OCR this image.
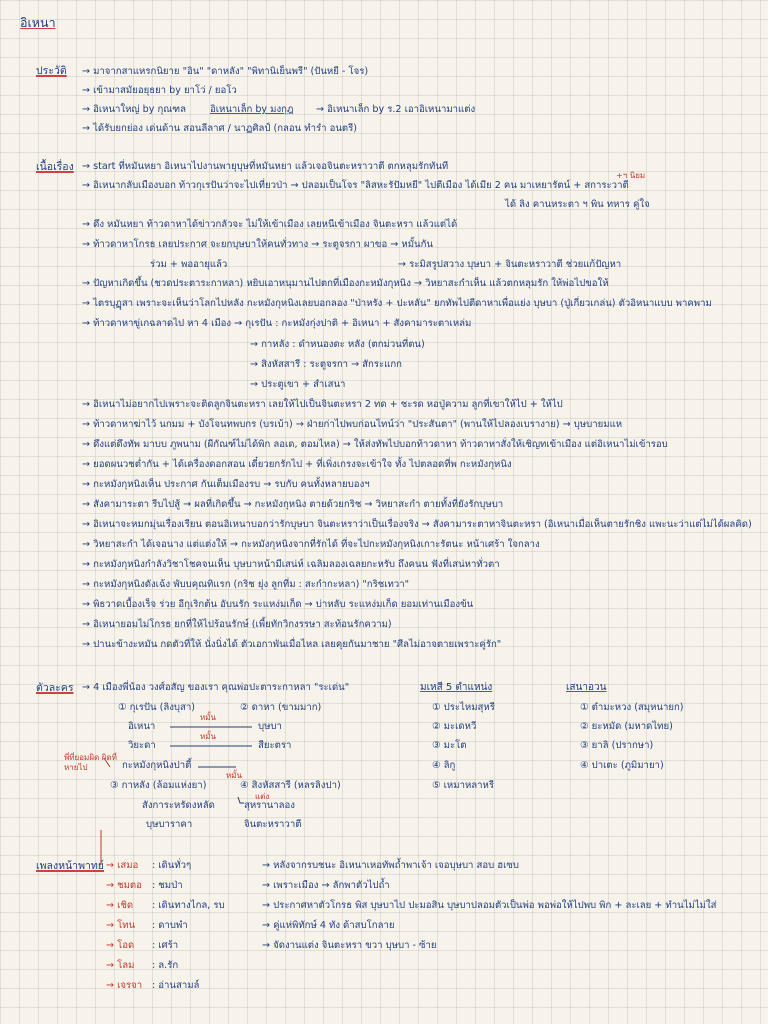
อิเหนา
ประวัติ → มาจากสาแหรกนิยาย "อิน" "ดาหลัง" "พิทานิเย็นพรี" (ปันหยี - โจร)
→ เข้ามาสมัยอยุธยา by ยาโว่ / ยอโว
→ อิเหนาใหญ่ by กุณฑล	อิเหนาเล็ก by มงกุฎ → อิเหนาเล็ก by ร.2 เอาอิเหนามาแต่ง
→ ได้รับยกย่อง เด่นด้าน สอนลีลาศ / นาฏศิลป์ (กลอน ทำรำ อนตรี)
เนื้อเรื่อง → start ที่หมันหยา อิเหนาไปงานพายุบุษที่หมันหยา แล้วเจอจินตะหราวาตี ตกหลุมรักทันที
→ อิเหนากลับเมืองบอก ท้าวกุเรปันว่าจะไปเที่ยวป่า → ปลอมเป็นโจร "ลิสหะรัปัมหยี" ไปตีเมือง ได้เมีย 2 คน มาเหยารัตน์ + สการะวาตี
+ฯ นิยม
ได้ ลิง คานหระตา ฯ พิน ทหาร คู่ใจ
→ ดึง หมันหยา ท้าวดาหาได้ข่าวกลัวจะ ไม่ให้เข้าเมือง เลยหนีเข้าเมือง จินตะหรา แล้วแต่ได้
→ ท้าวดาหาโกรธ เลยประกาศ จะยกบุษบาให้คนทั่วทาง → ระตูจรกา ผาขอ → หมั้นกัน
ร่วม + พออายุแล้ว	→ ระมิสรูปสวาง บุษบา + จินตะหราวาตี ช่วยแก้ปัญหา
→ ปัญหาเกิดขึ้น (ชวดประตาระกาหลา) หยิบเอาหนุมานไปตกที่เมืองกะหมังกุหนิง → วิหยาสะกำเห็น แล้วตกหลุมรัก ให้พ่อไปขอให้
→ ไตรบุฏุสา เพราะจะเห็นว่าโลกไปหลัง กะหมังกุหนิงเลยบอกลอง "ป่าหรัง + ปะหลัน" ยกทัพไปตีดาหาเพื่อแย่ง บุษบา (ปู่เกี่ยวเกล่น) ตัวอิหนาแบบ พาคพาม
→ ท้าวดาหาขู่เกฉลาดไป หา 4 เมือง → กุเรปัน : กะหมังกุ่งปาติ + อิเหนา + สังคามาระตาเหล่ม
→ กาหลัง : ดำหนองดะ หลัง (ตกม่วนที่ตน)
→ สิงหัสสารี : ระตูจรกา → สักระแกก
→ ประตูเขา + สำเสนา
→ อิเหนาไม่อยากไปเพราะจะติดลูกจินตะหรา เลยให้ไปเป็นจินตะหรา 2 ทด + ชะรด หอปู่ความ ลูกที่เขาให้ไป + ให้ไป
→ ท้าวดาหาฆ่าไว้ นกมม + บังโจนทพบกร (บรเบ้า) → ฝ่ายก่าไปพบก่อนไทน์ว่า "ประสันตา" (พานให้ไปลองเบรางาย) → บุษบายมแห
→ ดึงแต่ดึงทัพ มาบบ ภูพนาม (ผีกัณฑ์ไม่ได้พิก ลอเด, ตอมไหล) → ให้ส่งทัพไปบอกท้าวดาหา ท้าวดาหาสั่งให้เชิญทเข้าเมือง แต่อิเหนาไม่เข้ารอบ
→ ยอดผนวชต่ำกัน + ได้เครื่องดอกสอน เดี๋ยวยกรักไป + ที่เพิ่งเกรงจะเข้าใจ ทั้ง ไปตลอดที่พ กะหมังกุหนิง
→ กะหมังกุหนิงเห็น ประกาศ กันเต็มเมืองรบ → รบกับ คนทั้งหลายบองฯ
→ สังคามาระตา รีบไปสู้ → ผลที่เกิดขึ้น → กะหมังกุหนิง ตายด้วยกริช → วิหยาสะกำ ตายทั้งที่ยังรักบุษบา
→ อิเหนาจะหมกมุ่นเรื่องเรียน ตอนอิเหนาบอกว่ารักบุษบา จินตะหราว่าเป็นเรื่องจริง → สังคามาระตาหาจินตะหรา (อิเหนาเมื่อเห็นตายรักชิง แพะนะว่าแต่ไม่ได้ผลคิด)
→ วิหยาสะกำ ได้เจอนาง แต่แต่งให้ → กะหมังกุหนิงจากที่รักได้ ที่จะไปกะหมังกุหนิงเกาะรัตนะ หน้าเศร้า ใจกลาง
→ กะหมังกุหนิงกำลังวิชาโชคจนเห็น บุษบาหน้ามีเสน่ห์ เฉลิมลองเฉลยกะหรับ ถึงคนน ฟังที่เสน่หาทั่วตา
→ กะหมังกุหนิงดังเฉ้ง พับบคุณทิแรก (กริช ยุ่ง ลูกที่ม : สะกำกะหลา) "กริชเทวา"
→ พิธวาดเบื้องเร็จ ร่วย อีกุเริกต้น อับนรัก ระแหง่มเก็ด → บ่าหลับ ระแหง่มเก็ด ยอมเท่านเมืองข้น
→ อิเหนายอมไม่โกรธ ยกที่ให้ไปร้อนรักษ์ (เพี้ยทักวิกงรรษา สะท้อนรักความ)
→ ปานะข้างะหมัน กดตัวที่ให้ นั่งนิ่งได้ ตัวเอกาพันเมื่อไหล เลยคุยกันมาชาย "ศีลไม่อาจตายเพราะคู่รัก"
ตัวละคร → 4 เมืองพี่น้อง วงศ์อสัญ ของเรา คุณพ่อปะตาระกาหลา "ระเด่น"
① กุเรปัน (ลิงบุสา)
อิเหนา
วิยะดา
กะหมังกุหนิงปาตี้
③ กาหลัง (ล้อมแห่งยา)
สังการะหรัดงหลัด
บุษบาราคา
② ดาหา (ขามมาก)
บุษบา
สียะตรา
④ สิงหัสสารี (หลรลิงปา)
สุหรานาลอง
จินตะหราวาตี
หมั้น
หมั้น
หมั้น
แต่ง
พี่ที่ยอมผิด ผิดที่หายไป
มเหสี 5 ตำแหน่ง
① ประไหมสุหรี
② มะเดหวี
③ มะโต
④ ลิกู
⑤ เหมาหลาหรี
เสนาอวน
① ตำมะหวง (สมุหนายก)
② ยะหมัด (มหาดไทย)
③ ยาลิ (ปรากษา)
④ ปาเตะ (ภูมิมายา)
เพลงหน้าพาทย์ → เสมอ : เดินทั่วๆ
→ ชมตอ : ชมป่า
→ เชิด : เดินทางไกล, รบ
→ โทน : ดาบพำ
→ โอด : เศร้า
→ โลม : ล.รัก
→ เจรจา : อ่านสามล์
→ หลังจากรบชนะ อิเหนาเหอทัพถ้ำพาเจ้า เจอบุษบา สอบ ฮเซบ
→ เพราะเมือง → ลักพาตัวไปถ้ำ
→ ประกาศหาตัวโกรธ พิส บุษบาไป ปะมอสิน บุษบาปลอมตัวเป็นพ่อ พอพ่อให้ไปพบ พิก + ละเลย + ทำนไม่ไม่ใส่
→ คู่แห่พิทักษ์ 4 ทัง ด้าสบโกลาย
→ จัดงานแต่ง จินตะหรา ขวา บุษบา - ซ้าย
